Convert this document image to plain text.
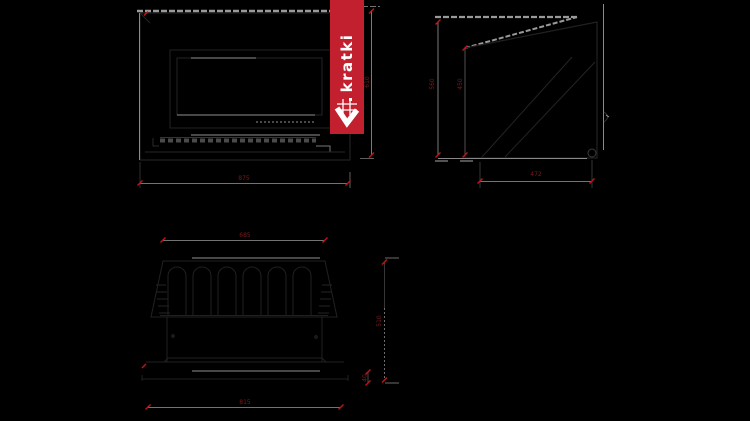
875
610	560	450
472
685
815
510
40
kratki
